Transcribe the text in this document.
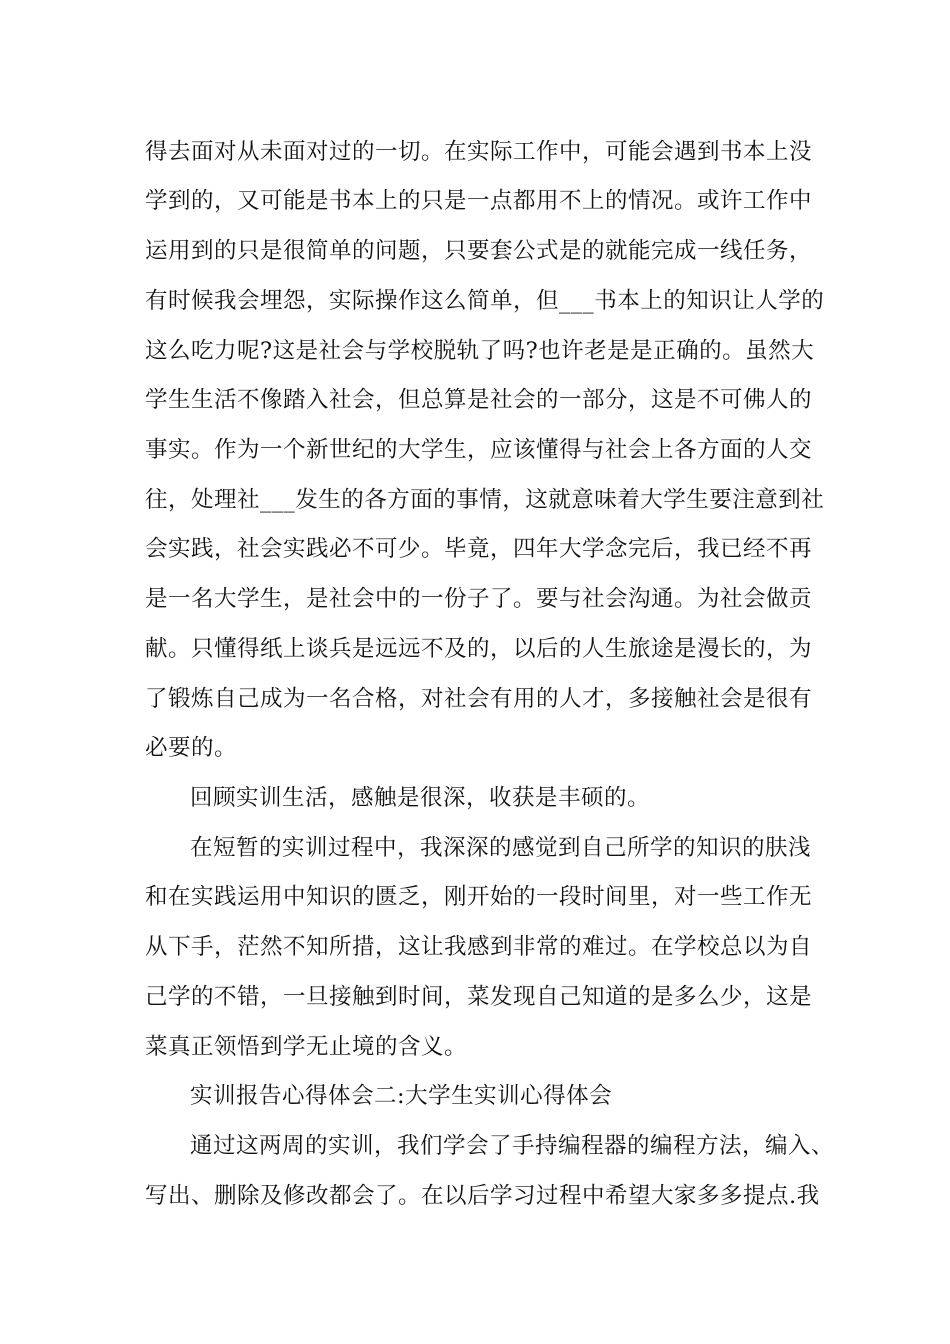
得去面对从未面对过的一切。在实际工作中，可能会遇到书本上没
学到的，又可能是书本上的只是一点都用不上的情况。或许工作中
运用到的只是很简单的问题，只要套公式是的就能完成一线任务，
有时候我会埋怨，实际操作这么简单，但___书本上的知识让人学的
这么吃力呢?这是社会与学校脱轨了吗?也许老是是正确的。虽然大
学生生活不像踏入社会，但总算是社会的一部分，这是不可佛人的
事实。作为一个新世纪的大学生，应该懂得与社会上各方面的人交
往，处理社___发生的各方面的事情，这就意味着大学生要注意到社
会实践，社会实践必不可少。毕竟，四年大学念完后，我已经不再
是一名大学生，是社会中的一份子了。要与社会沟通。为社会做贡
献。只懂得纸上谈兵是远远不及的，以后的人生旅途是漫长的，为
了锻炼自己成为一名合格，对社会有用的人才，多接触社会是很有
必要的。
回顾实训生活，感触是很深，收获是丰硕的。
在短暂的实训过程中，我深深的感觉到自己所学的知识的肤浅
和在实践运用中知识的匮乏，刚开始的一段时间里，对一些工作无
从下手，茫然不知所措，这让我感到非常的难过。在学校总以为自
己学的不错，一旦接触到时间，菜发现自己知道的是多么少，这是
菜真正领悟到学无止境的含义。
实训报告心得体会二:大学生实训心得体会
通过这两周的实训，我们学会了手持编程器的编程方法，编入、
写出、删除及修改都会了。在以后学习过程中希望大家多多提点.我
